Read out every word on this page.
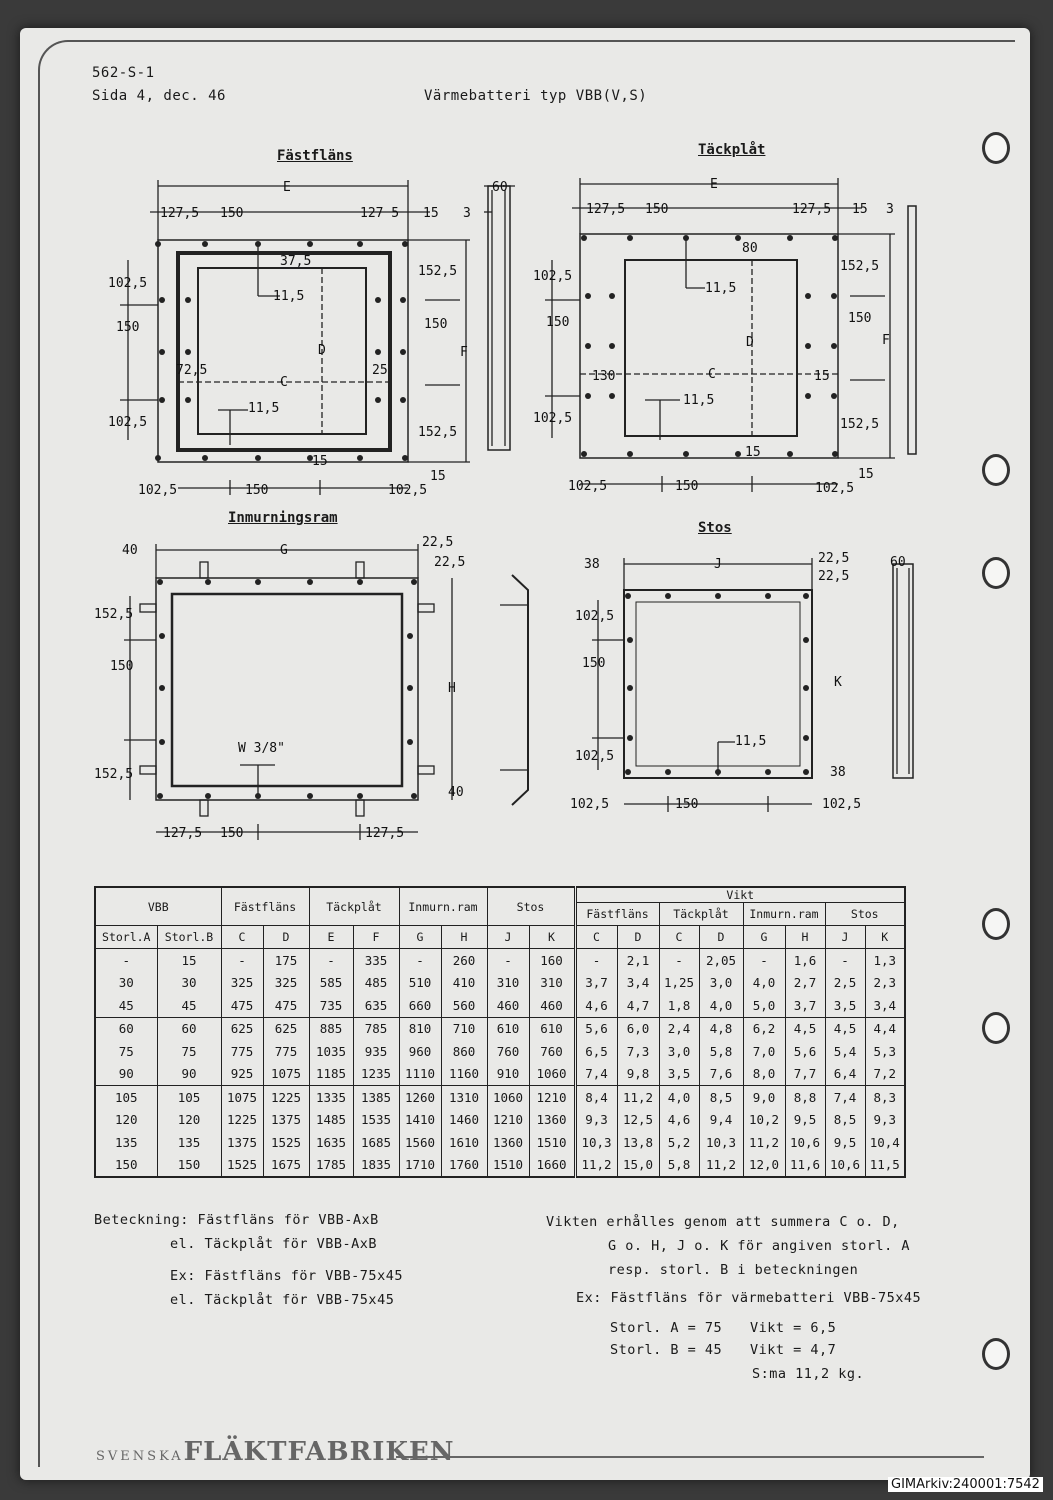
562-S-1
Sida 4, dec. 46	Värmebatteri typ VBB(V,S)
Fästfläns	Täckplåt
Inmurningsram
Stos
E
F
C
D
127,5 150	127 5 15
60
3
37,5
102,5
150
102,5
11,5
72,5	25
11,5
152,5
150
152,5
15
15
102,5	150	102,5
E
F
C
D
127,5 150	127,5 15 3
80
102,5
150
102,5
11,5
130	15
11,5
152,5
150
152,5
15
15
102,5	150	102,5
G
H
40
22,5
22,5
152,5
150
152,5
W 3/8"
40
127,5 150	127,5
J
K
38	22,5
22,5
60
102,5
150
102,5
11,5
38
102,5	150	102,5
VBB		Fästfläns		Täckplåt		Inmurn.ram		Stos		Vikt							
										Fästfläns		Täckplåt		Inmurn.ram		Stos	
Storl.A	Storl.B	C	D	E	F	G	H	J	K	C	D	C	D	G	H	J	K
-	15	-	175	-	335	-	260	-	160	-	2,1	-	2,05	-	1,6	-	1,3
30	30	325	325	585	485	510	410	310	310	3,7	3,4	1,25	3,0	4,0	2,7	2,5	2,3
45	45	475	475	735	635	660	560	460	460	4,6	4,7	1,8	4,0	5,0	3,7	3,5	3,4
60	60	625	625	885	785	810	710	610	610	5,6	6,0	2,4	4,8	6,2	4,5	4,5	4,4
75	75	775	775	1035	935	960	860	760	760	6,5	7,3	3,0	5,8	7,0	5,6	5,4	5,3
90	90	925	1075	1185	1235	1110	1160	910	1060	7,4	9,8	3,5	7,6	8,0	7,7	6,4	7,2
105	105	1075	1225	1335	1385	1260	1310	1060	1210	8,4	11,2	4,0	8,5	9,0	8,8	7,4	8,3
120	120	1225	1375	1485	1535	1410	1460	1210	1360	9,3	12,5	4,6	9,4	10,2	9,5	8,5	9,3
135	135	1375	1525	1635	1685	1560	1610	1360	1510	10,3	13,8	5,2	10,3	11,2	10,6	9,5	10,4
150	150	1525	1675	1785	1835	1710	1760	1510	1660	11,2	15,0	5,8	11,2	12,0	11,6	10,6	11,5
Beteckning: Fästfläns för VBB-AxB
el. Täckplåt för VBB-AxB
Ex: Fästfläns för VBB-75x45
el. Täckplåt för VBB-75x45
Vikten erhålles genom att summera C o. D,
G o. H, J o. K för angiven storl. A
resp. storl. B i beteckningen
Ex: Fästfläns för värmebatteri VBB-75x45
Storl. A = 75 Vikt = 6,5
Storl. B = 45 Vikt = 4,7
S:ma 11,2 kg.
SVENSKAFLÄKTFABRIKEN
GIMArkiv:240001:7542
